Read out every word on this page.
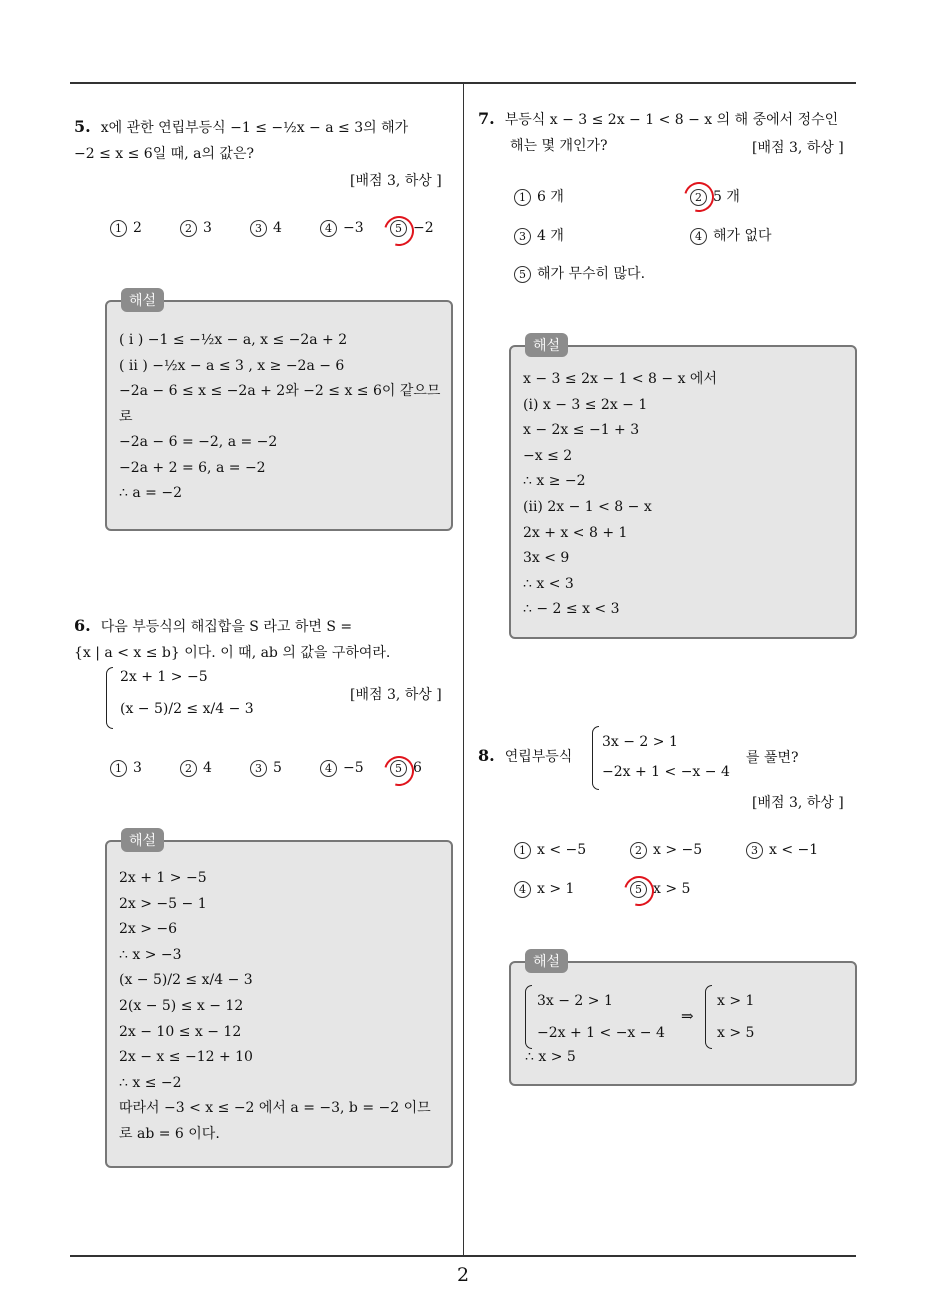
5. x에 관한 연립부등식 −1 ≤ −½x − a ≤ 3의 해가
−2 ≤ x ≤ 6일 때, a의 값은?
[배점 3, 하상 ]
1 2	2 3	3 4	4 −3	5 −2
해설
( i ) −1 ≤ −½x − a, x ≤ −2a + 2
( ii ) −½x − a ≤ 3 , x ≥ −2a − 6
−2a − 6 ≤ x ≤ −2a + 2와 −2 ≤ x ≤ 6이 같으므
로
−2a − 6 = −2, a = −2
−2a + 2 = 6, a = −2
∴ a = −2
6. 다음 부등식의 해집합을 S 라고 하면 S =
{x | a < x ≤ b} 이다. 이 때, ab 의 값을 구하여라.
2x + 1 > −5
(x − 5)/2 ≤ x/4 − 3
[배점 3, 하상 ]
1 3	2 4	3 5	4 −5	5 6
해설
2x + 1 > −5
2x > −5 − 1
2x > −6
∴ x > −3
(x − 5)/2 ≤ x/4 − 3
2(x − 5) ≤ x − 12
2x − 10 ≤ x − 12
2x − x ≤ −12 + 10
∴ x ≤ −2
따라서 −3 < x ≤ −2 에서 a = −3, b = −2 이므
로 ab = 6 이다.
7. 부등식 x − 3 ≤ 2x − 1 < 8 − x 의 해 중에서 정수인
해는 몇 개인가?	[배점 3, 하상 ]
1 6 개	2 5 개
3 4 개	4 해가 없다
5 해가 무수히 많다.
해설
x − 3 ≤ 2x − 1 < 8 − x 에서
(i) x − 3 ≤ 2x − 1
x − 2x ≤ −1 + 3
−x ≤ 2
∴ x ≥ −2
(ii) 2x − 1 < 8 − x
2x + x < 8 + 1
3x < 9
∴ x < 3
∴ − 2 ≤ x < 3
8. 연립부등식
3x − 2 > 1
−2x + 1 < −x − 4
를 풀면?
[배점 3, 하상 ]
1 x < −5	2 x > −5	3 x < −1
4 x > 1	5 x > 5
해설
3x − 2 > 1
−2x + 1 < −x − 4
⇒
x > 1
x > 5
∴ x > 5
2
